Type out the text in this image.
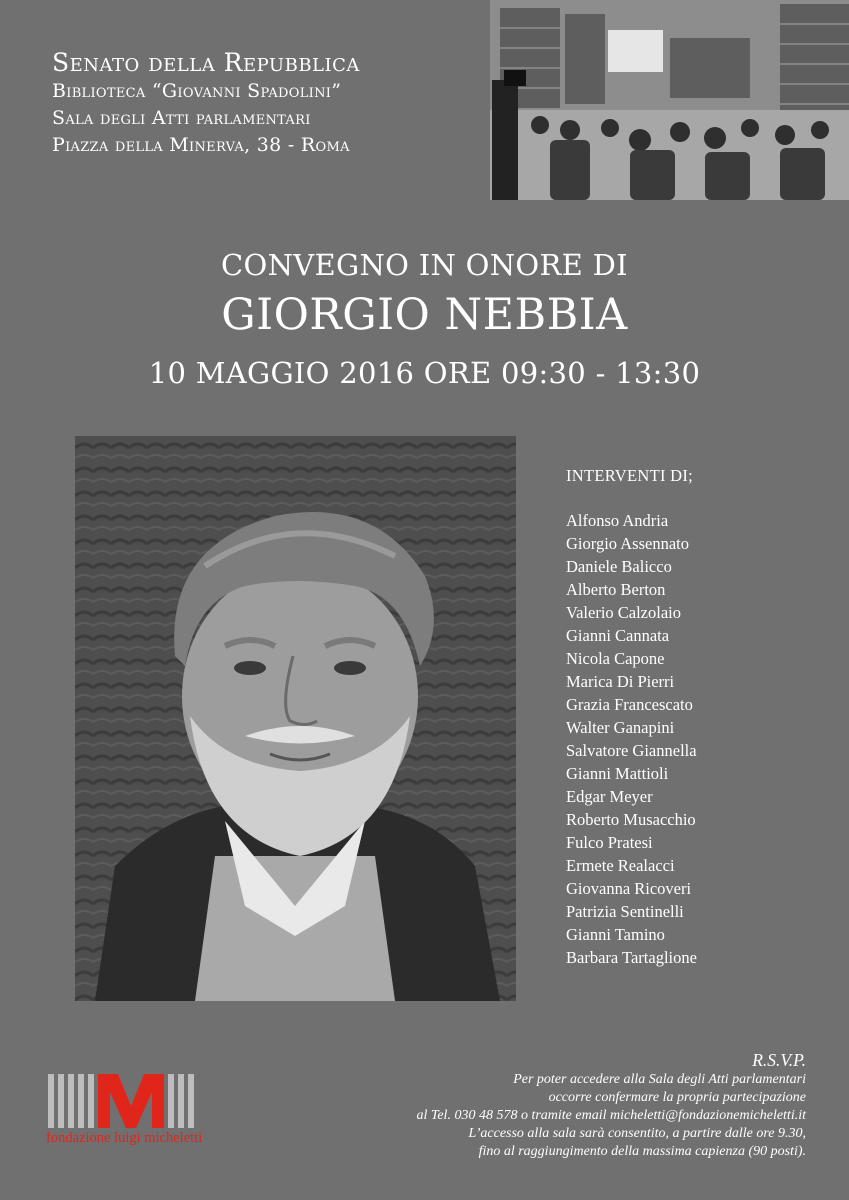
Senato della Repubblica
Biblioteca “Giovanni Spadolini”
Sala degli Atti parlamentari
Piazza della Minerva, 38 - Roma
CONVEGNO IN ONORE DI
GIORGIO NEBBIA
10 MAGGIO 2016 ORE 09:30 - 13:30
INTERVENTI DI;
Alfonso Andria
Giorgio Assennato
Daniele Balicco
Alberto Berton
Valerio Calzolaio
Gianni Cannata
Nicola Capone
Marica Di Pierri
Grazia Francescato
Walter Ganapini
Salvatore Giannella
Gianni Mattioli
Edgar Meyer
Roberto Musacchio
Fulco Pratesi
Ermete Realacci
Giovanna Ricoveri
Patrizia Sentinelli
Gianni Tamino
Barbara Tartaglione
fondazione luigi micheletti
R.S.V.P.
Per poter accedere alla Sala degli Atti parlamentari
occorre confermare la propria partecipazione
al Tel. 030 48 578 o tramite email micheletti@fondazionemicheletti.it
L’accesso alla sala sarà consentito, a partire dalle ore 9.30,
fino al raggiungimento della massima capienza (90 posti).
